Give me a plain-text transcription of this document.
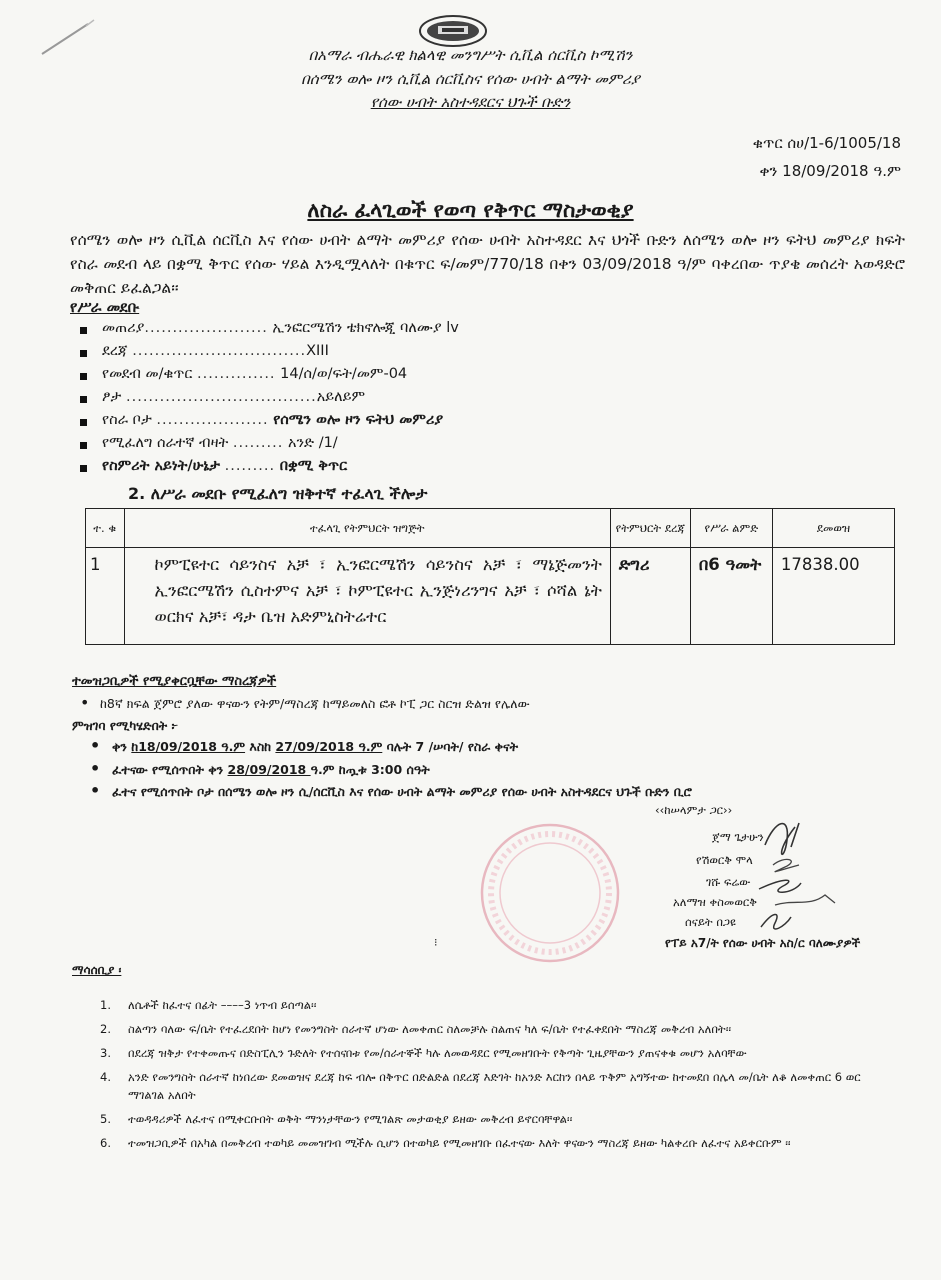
በአማራ ብሔራዊ ክልላዊ መንግሥት ሲቪል ሰርቪስ ኮሚሽን
በሰሜን ወሎ ዞን ሲቪል ሰርቪስና የሰው ሀብት ልማት መምሪያ
የሰው ሀብት አስተዳደርና ህጉች ቡድን
ቁጥር ሰሀ/1-6/1005/18
ቀን 18/09/2018 ዓ.ም
ለስራ ፈላጊወች የወጣ የቅጥር ማስታወቂያ
የሰሜን ወሎ ዞን ሲቪል ሰርቪስ እና የሰው ሀብት ልማት መምሪያ የሰው ሀብት አስተዳደር እና ህጎች ቡድን ለሰሜን ወሎ ዞን ፍትህ መምሪያ ክፍት የስራ መደብ ላይ በቋሚ ቅጥር የሰው ሃይል እንዲሟላለት በቁጥር ፍ/መም/770/18 በቀን 03/09/2018 ዓ/ም ባቀረበው ጥያቄ መሰረት አወዳድሮ መቅጠር ይፈልጋል፡፡
የሥራ መደቡ
መጠሪያ...................... ኢንፎርሜሽን ቴክኖሎጂ ባለሙያ lv
ደረጃ ...............................XIII
የመደብ መ/ቁጥር .............. 14/ሰ/ወ/ፍት/መም-04
ፆታ ..................................አይለይም
የስራ ቦታ .................... የሰሜን ወሎ ዞን ፍትህ መምሪያ
የሚፈለግ ሰራተኛ ብዛት ......... አንድ /1/
የስምሪት አይነት/ሁኔታ ......... በቋሚ ቅጥር
2. ለሥራ መደቡ የሚፈለግ ዝቅተኛ ተፈላጊ ችሎታ
ተ. ቁ	ተፈላጊ የትምህርት ዝግጅት	የትምህርት ደረጃ	የሥራ ልምድ	ደመወዝ
1	ኮምፒዩተር ሳይንስና አቻ ፣ ኢንፎርሜሽን ሳይንስና አቻ ፣ ማኔጅመንት ኢንፎርሜሽን ሲስተምና አቻ ፣ ኮምፒዩተር ኢንጅነሪንግና አቻ ፣ ሶሻል ኔት ወርክና አቻ፣ ዳታ ቤዝ አድምኒስትሬተር	ድግሪ	በ6 ዓመት	17838.00
ተመዝጋቢዎች የሚያቀርቧቸው ማስረጃዎች
• ከ8ኛ ክፍል ጀምሮ ያለው ዋናውን የትም/ማስረጃ ከማይመለስ ፎቶ ኮፒ ጋር ስርዝ ድልዝ የሌለው
ምዝገባ የሚካሄድበት ፦
• ቀን ከ18/09/2018 ዓ.ም እስከ 27/09/2018 ዓ.ም ባሉት 7 /ሠባት/ የስራ ቀናት
• ፈተናው የሚሰጥበት ቀን 28/09/2018 ዓ.ም ከጧቱ 3:00 ሰዓት
• ፈተና የሚሰጥበት ቦታ በሰሜን ወሎ ዞን ሲ/ሰርቪስ እና የሰው ሀብት ልማት መምሪያ የሰው ሀብት አስተዳደርና ህጉች ቡድን ቢሮ
‹‹ከሠላምታ ጋር››
ጀማ ጌታሁን
የሽወርቅ ሞላ
ገሹ ፍሬው
አለማዝ ቀስመወርቅ
ሰናይት በጋዩ
የፐይ አ7/ት የሰው ሀብት አስ/ር ባለሙያዎች
⁝
ማሳሰቢያ ፡
1. ለሴቶች ከፈተና በፊት ––––3 ነጥብ ይሰጣል፡፡
2. ስልጣን ባለው ፍ/ቤት የተፈረደበት ከሆነ የመንግስት ሰራተኛ ሆነው ለመቀጠር ስለመቻሉ ስልጠና ካለ ፍ/ቤት የተፈቀደበት ማስረጃ መቅረብ አለበት፡፡
3. በደረጃ ዝቅታ የተቀመጡና በድስፒሊን ጉድለት የተሰናበቱ የመ/ሰራተኞች ካሉ ለመወዳደር የሚመዘገቡት የቅጣት ጊዜያቸውን ያጠናቀቁ መሆን አለባቸው
4. አንድ የመንግስት ሰራተኛ ከነበረው ደመወዝና ደረጃ ከፍ ብሎ በቅጥር በድልድል በደረጃ እድገት ከአንድ እርከን በላይ ጥቅም አግኝተው ከተመደበ በሌላ መ/ቤት ለቆ ለመቀጠር 6 ወር ማገልገል አለበት
5. ተወዳዳሪዎች ለፈተና በሚቀርቡበት ወቅት ማንነታቸውን የሚገልጽ መታወቂያ ይዘው መቅረብ ይኖርባቸዋል፡፡
6. ተመዝጋቢዎች በአካል በመቅረብ ተወካይ መመዝገብ ሚችሉ ሲሆን በተወካይ የሚመዘገቡ በፈተናው እለት ዋናውን ማስረጃ ይዘው ካልቀረቡ ለፈተና አይቀርቡም ፡፡
